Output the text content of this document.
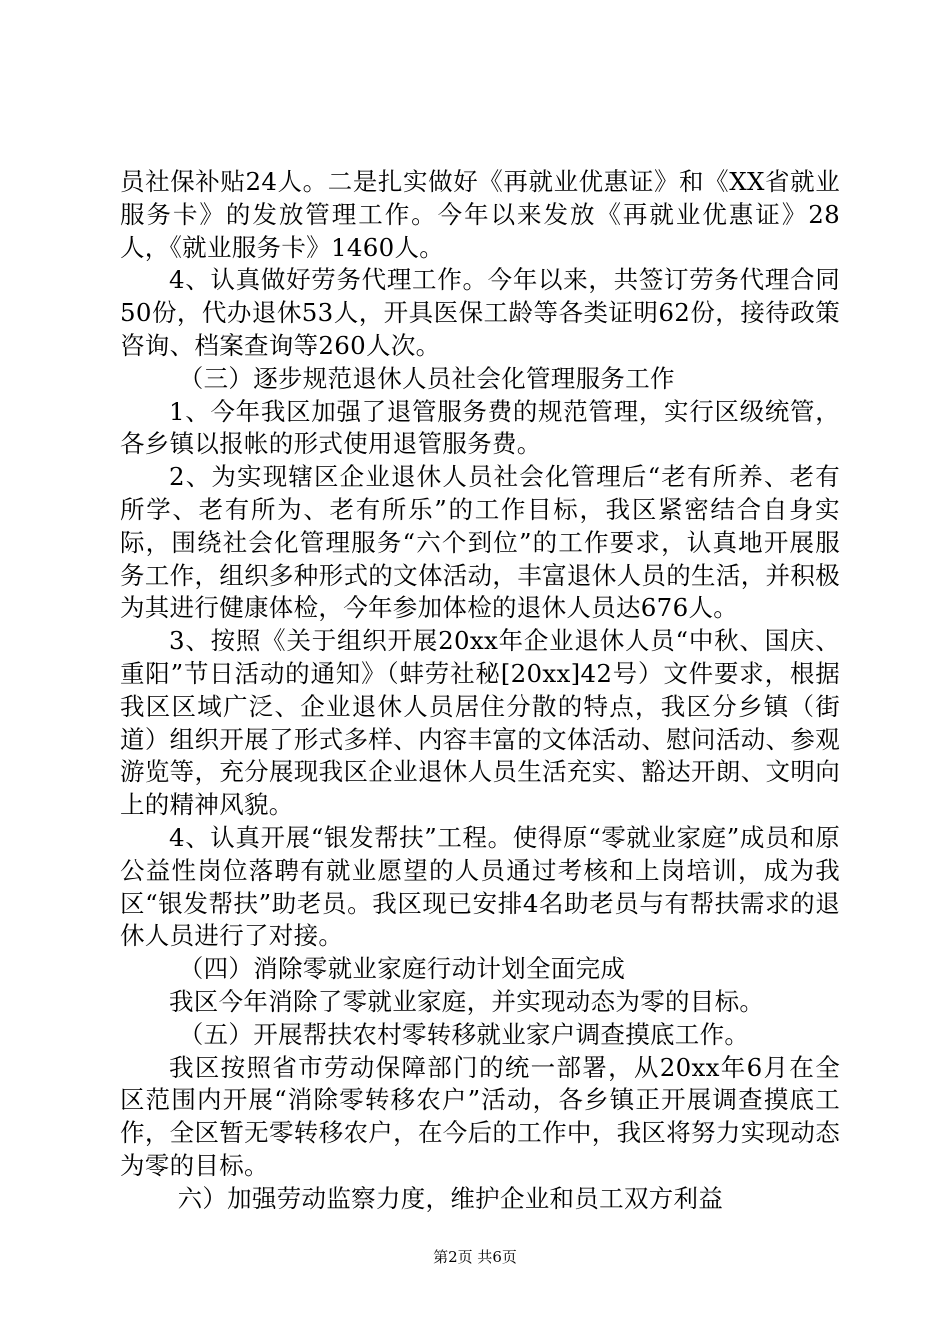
员社保补贴24人。二是扎实做好《再就业优惠证》和《XX省就业服务卡》的发放管理工作。今年以来发放《再就业优惠证》28人，《就业服务卡》1460人。

4、认真做好劳务代理工作。今年以来，共签订劳务代理合同50份，代办退休53人，开具医保工龄等各类证明62份，接待政策咨询、档案查询等260人次。

（三）逐步规范退休人员社会化管理服务工作

1、今年我区加强了退管服务费的规范管理，实行区级统管，各乡镇以报帐的形式使用退管服务费。

2、为实现辖区企业退休人员社会化管理后“老有所养、老有所学、老有所为、老有所乐”的工作目标，我区紧密结合自身实际，围绕社会化管理服务“六个到位”的工作要求，认真地开展服务工作，组织多种形式的文体活动，丰富退休人员的生活，并积极为其进行健康体检，今年参加体检的退休人员达676人。

3、按照《关于组织开展20xx年企业退休人员“中秋、国庆、重阳”节日活动的通知》（蚌劳社秘[20xx]42号）文件要求，根据我区区域广泛、企业退休人员居住分散的特点，我区分乡镇（街道）组织开展了形式多样、内容丰富的文体活动、慰问活动、参观游览等，充分展现我区企业退休人员生活充实、豁达开朗、文明向上的精神风貌。

4、认真开展“银发帮扶”工程。使得原“零就业家庭”成员和原公益性岗位落聘有就业愿望的人员通过考核和上岗培训，成为我区“银发帮扶”助老员。我区现已安排4名助老员与有帮扶需求的退休人员进行了对接。

（四）消除零就业家庭行动计划全面完成

我区今年消除了零就业家庭，并实现动态为零的目标。

（五）开展帮扶农村零转移就业家户调查摸底工作。

我区按照省市劳动保障部门的统一部署，从20xx年6月在全区范围内开展“消除零转移农户”活动，各乡镇正开展调查摸底工作，全区暂无零转移农户，在今后的工作中，我区将努力实现动态为零的目标。

六）加强劳动监察力度，维护企业和员工双方利益

第2页 共6页
